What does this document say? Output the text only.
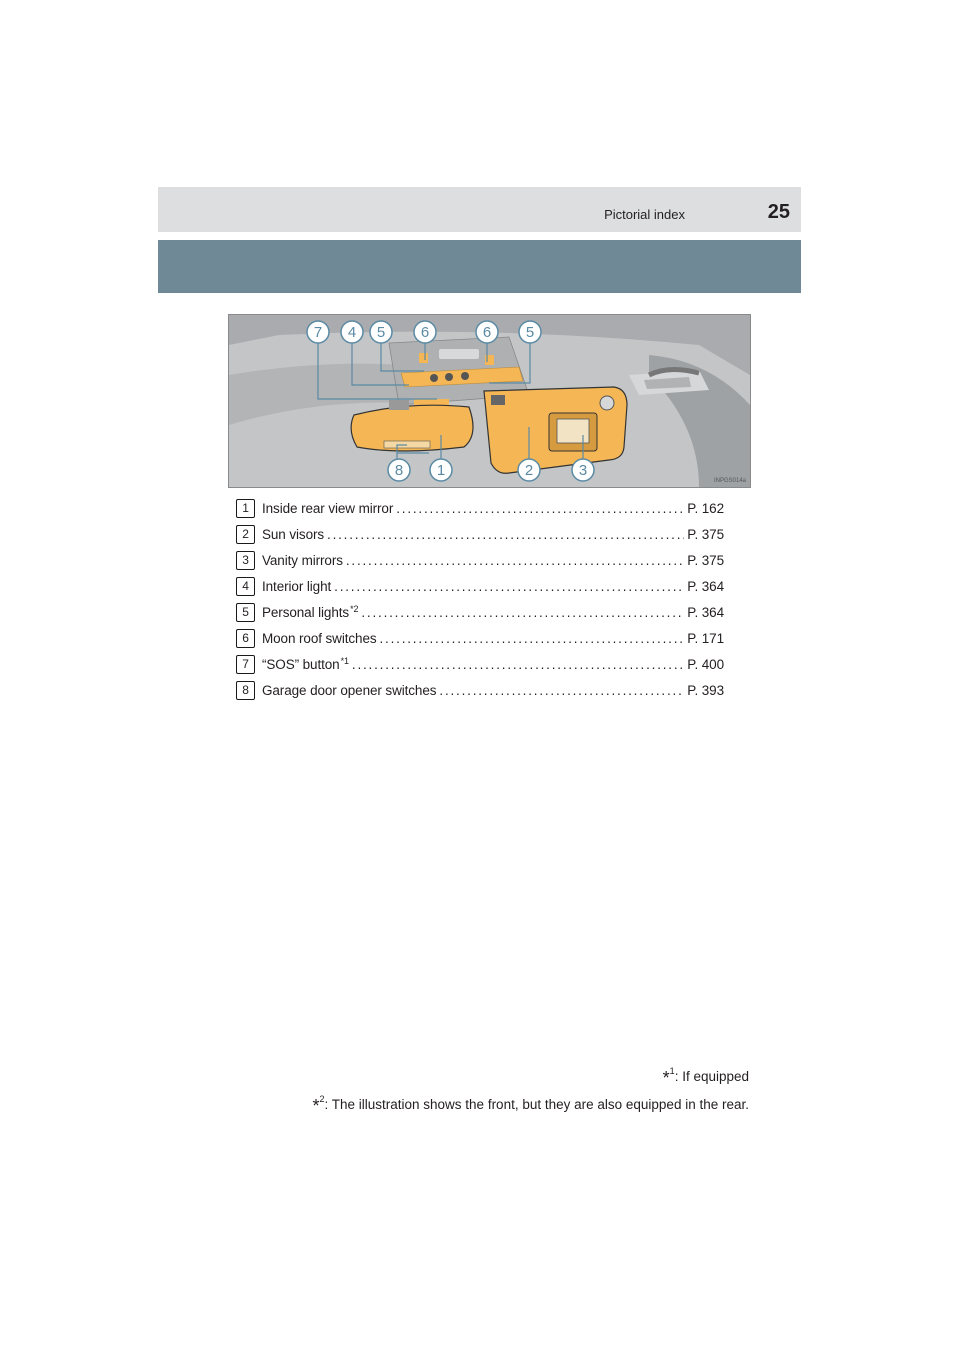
Pictorial index	25
7 4 5 6	6 5
8 1	2	3
INPGS014a
1 Inside rear view mirror .....	P. 162
2 Sun visors .....	P. 375
3 Vanity mirrors .....	P. 375
4 Interior light .....	P. 364
5 Personal lights$^{*2}$ .....	P. 364
6 Moon roof switches .....	P. 171
7 “SOS” button$^{*1}$ .....	P. 400
8 Garage door opener switches .....	P. 393
*$^1$: If equipped
*$^2$: The illustration shows the front, but they are also equipped in the rear.
